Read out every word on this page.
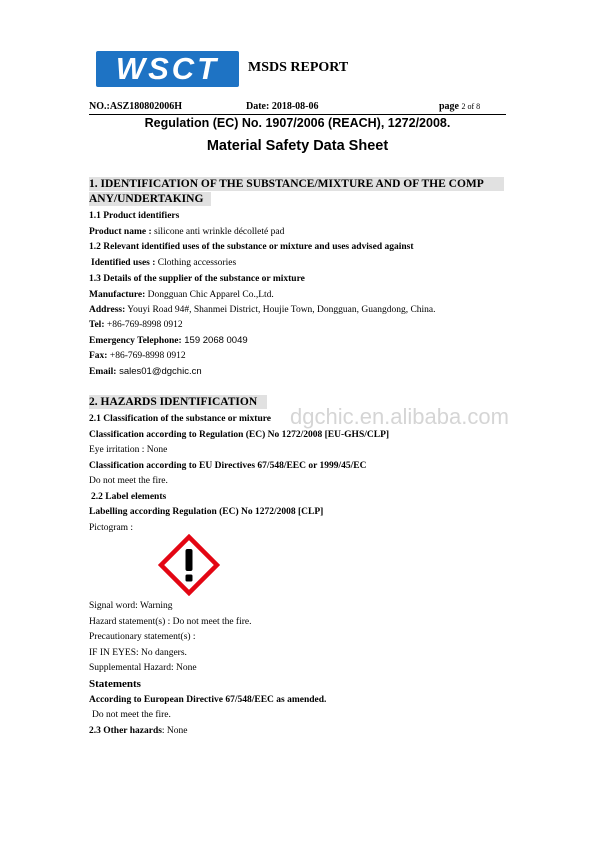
WSCT	MSDS REPORT
NO.:ASZ180802006H	Date: 2018-08-06	page 2 of 8
Regulation (EC) No. 1907/2006 (REACH), 1272/2008.
Material Safety Data Sheet
1. IDENTIFICATION OF THE SUBSTANCE/MIXTURE AND OF THE COMP
ANY/UNDERTAKING
1.1 Product identifiers
Product name : silicone anti wrinkle décolleté pad
1.2 Relevant identified uses of the substance or mixture and uses advised against
Identified uses : Clothing accessories
1.3 Details of the supplier of the substance or mixture
Manufacture: Dongguan Chic Apparel Co.,Ltd.
Address: Youyi Road 94#, Shanmei District, Houjie Town, Dongguan, Guangdong, China.
Tel: +86-769-8998 0912
Emergency Telephone: 159 2068 0049
Fax: +86-769-8998 0912
Email: sales01@dgchic.cn
2. HAZARDS IDENTIFICATION
dgchic.en.alibaba.com
2.1 Classification of the substance or mixture
Classification according to Regulation (EC) No 1272/2008 [EU-GHS/CLP]
Eye irritation : None
Classification according to EU Directives 67/548/EEC or 1999/45/EC
Do not meet the fire.
2.2 Label elements
Labelling according Regulation (EC) No 1272/2008 [CLP]
Pictogram :
Signal word: Warning
Hazard statement(s) : Do not meet the fire.
Precautionary statement(s) :
IF IN EYES: No dangers.
Supplemental Hazard: None
Statements
According to European Directive 67/548/EEC as amended.
Do not meet the fire.
2.3 Other hazards: None
